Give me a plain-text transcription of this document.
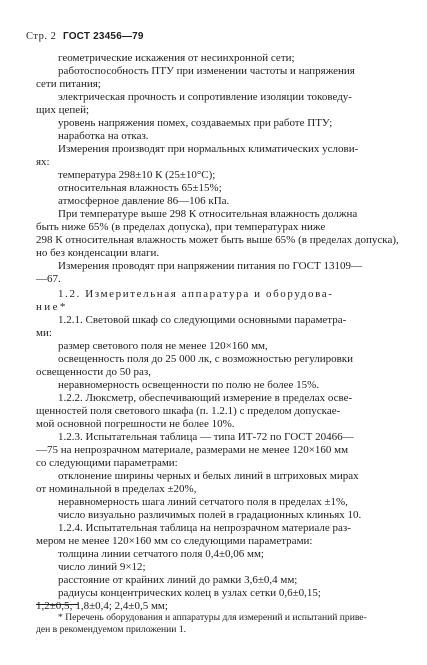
Стр. 2 ГОСТ 23456—79
геометрические искажения от несинхронной сети;
работоспособность ПТУ при изменении частоты и напряжения
сети питания;
электрическая прочность и сопротивление изоляции токоведу-
щих цепей;
уровень напряжения помех, создаваемых при работе ПТУ;
наработка на отказ.
Измерения производят при нормальных климатических услови-
ях:
температура 298±10 К (25±10°С);
относительная влажность 65±15%;
атмосферное давление 86—106 кПа.
При температуре выше 298 К относительная влажность должна
быть ниже 65% (в пределах допуска), при температурах ниже
298 К относительная влажность может быть выше 65% (в пределах допуска), но без конденсации влаги.
Измерения проводят при напряжении питания по ГОСТ 13109—
—67.
1.2. Измерительная аппаратура и оборудова-
ние*
1.2.1. Световой шкаф со следующими основными параметра-
ми:
размер светового поля не менее 120×160 мм,
освещенность поля до 25 000 лк, с возможностью регулировки
освещенности до 50 раз,
неравномерность освещенности по полю не более 15%.
1.2.2. Люксметр, обеспечивающий измерение в пределах осве-
щенностей поля светового шкафа (п. 1.2.1) с пределом допускае-
мой основной погрешности не более 10%.
1.2.3. Испытательная таблица — типа ИТ-72 по ГОСТ 20466—
—75 на непрозрачном материале, размерами не менее 120×160 мм
со следующими параметрами:
отклонение ширины черных и белых линий в штриховых мирах
от номинальной в пределах ±20%,
неравномерность шага линий сетчатого поля в пределах ±1%,
число визуально различимых полей в градационных клиньях 10.
1.2.4. Испытательная таблица на непрозрачном материале раз-
мером не менее 120×160 мм со следующими параметрами:
толщина линии сетчатого поля 0,4±0,06 мм;
число линий 9×12;
расстояние от крайних линий до рамки 3,6±0,4 мм;
радиусы концентрических колец в узлах сетки 0,6±0,15;
1,2±0,5; 1,8±0,4; 2,4±0,5 мм;
* Перечень оборудования и аппаратуры для измерений и испытаний приве-
ден в рекомендуемом приложении 1.
